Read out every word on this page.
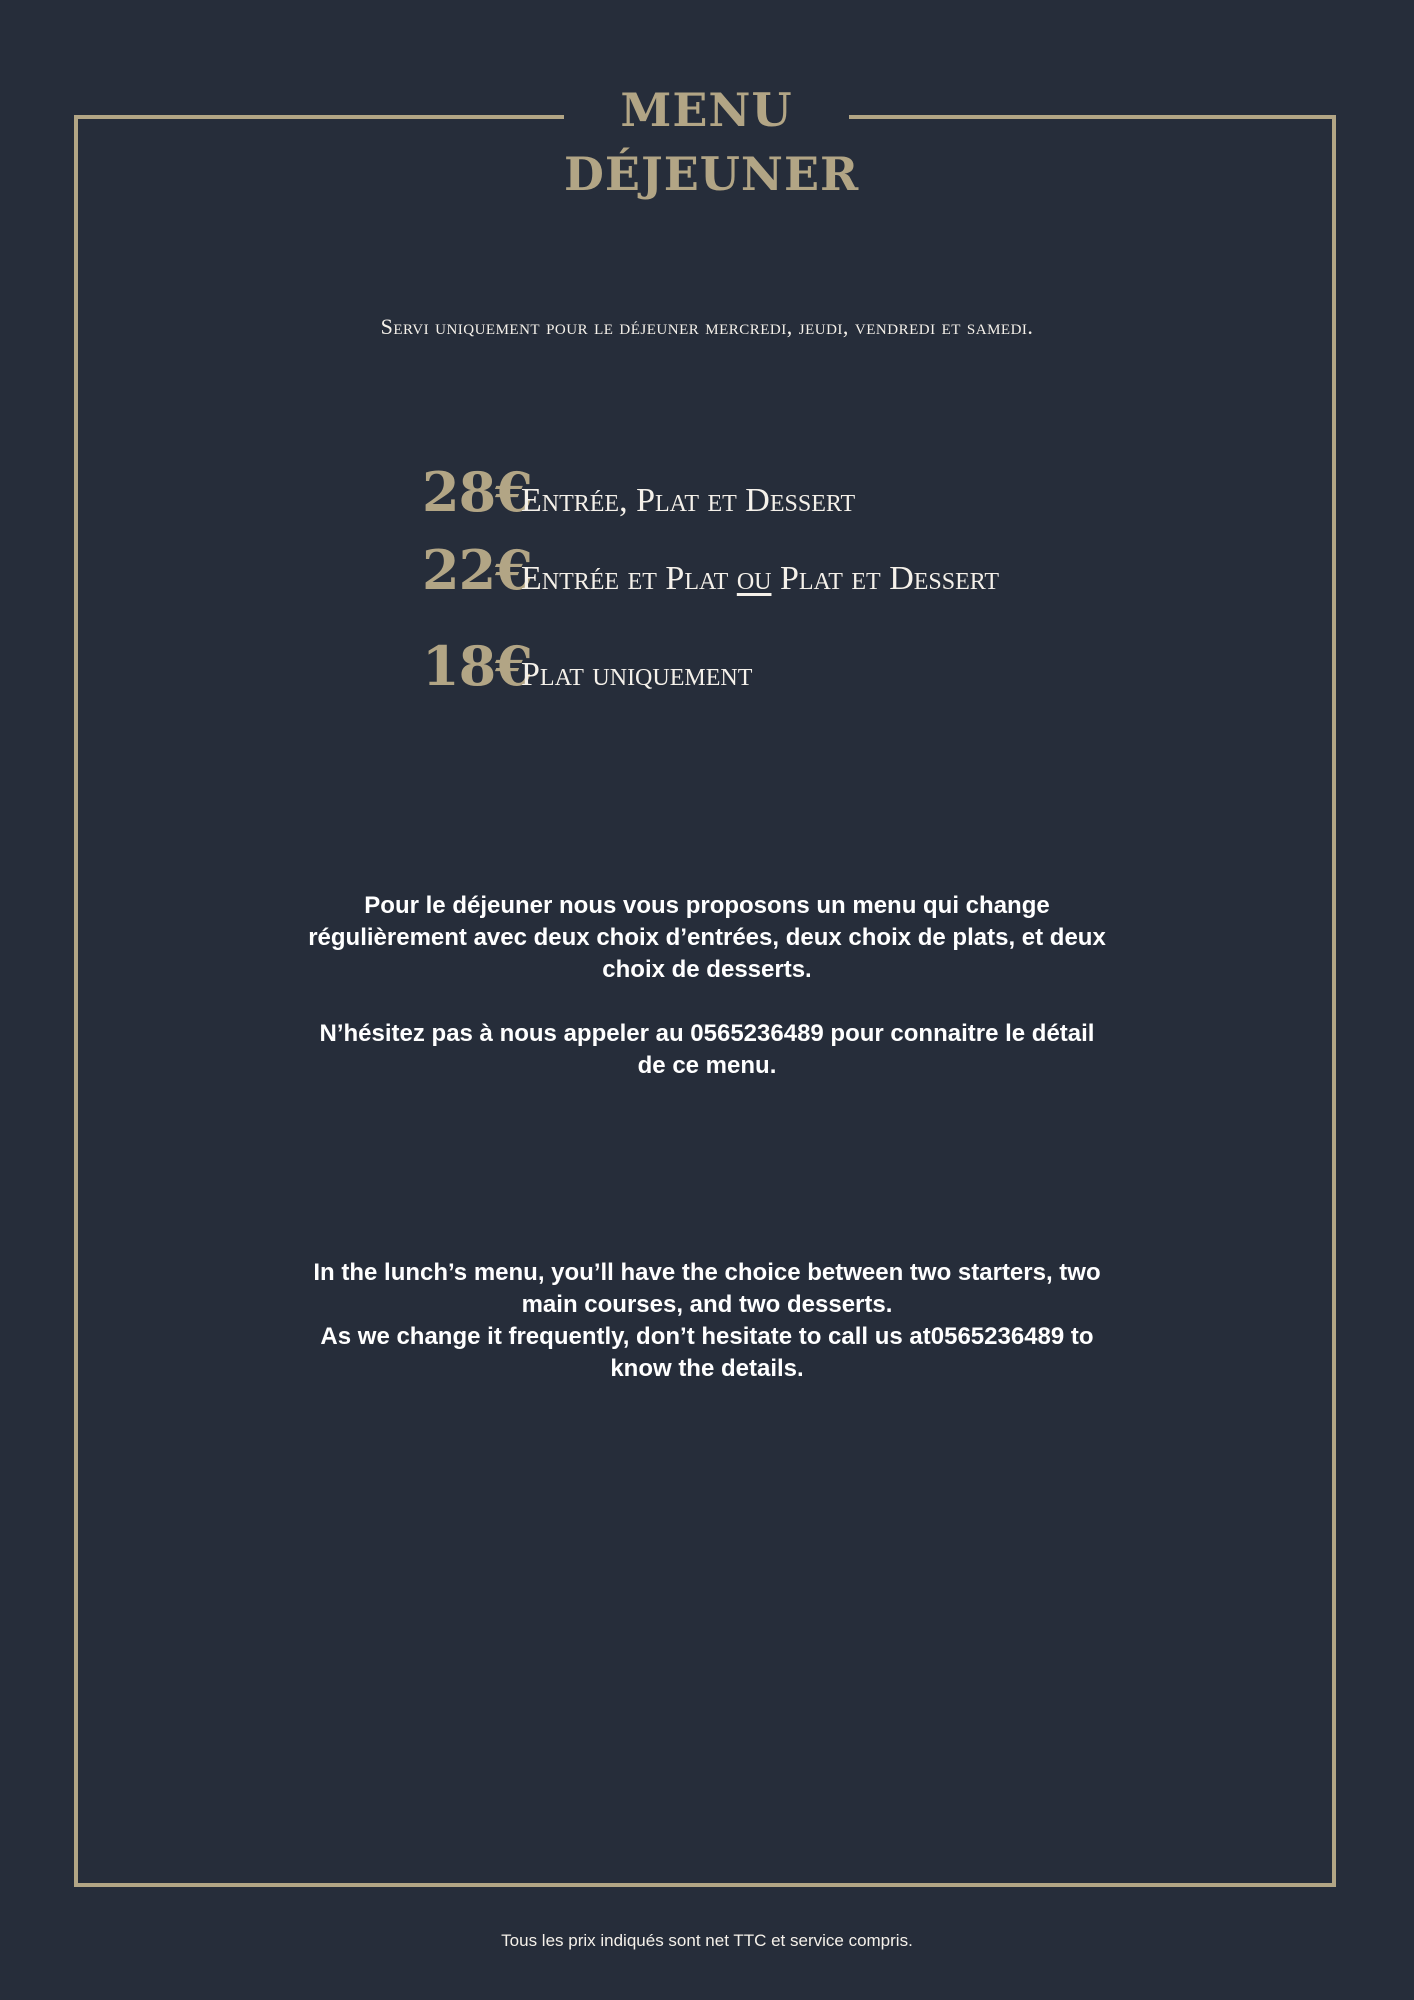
MENU
DÉJEUNER
Servi uniquement pour le déjeuner mercredi, jeudi, vendredi et samedi.
28€
Entrée, Plat et Dessert
22€
Entrée et Plat ou Plat et Dessert
18€
Plat uniquement

Pour le déjeuner nous vous proposons un menu qui change régulièrement avec deux choix d’entrées, deux choix de plats, et deux choix de desserts.

N’hésitez pas à nous appeler au 0565236489 pour connaitre le détail de ce menu.

In the lunch’s menu, you’ll have the choice between two starters, two main courses, and two desserts.

As we change it frequently, don’t hesitate to call us at0565236489 to know the details.

Tous les prix indiqués sont net TTC et service compris.
